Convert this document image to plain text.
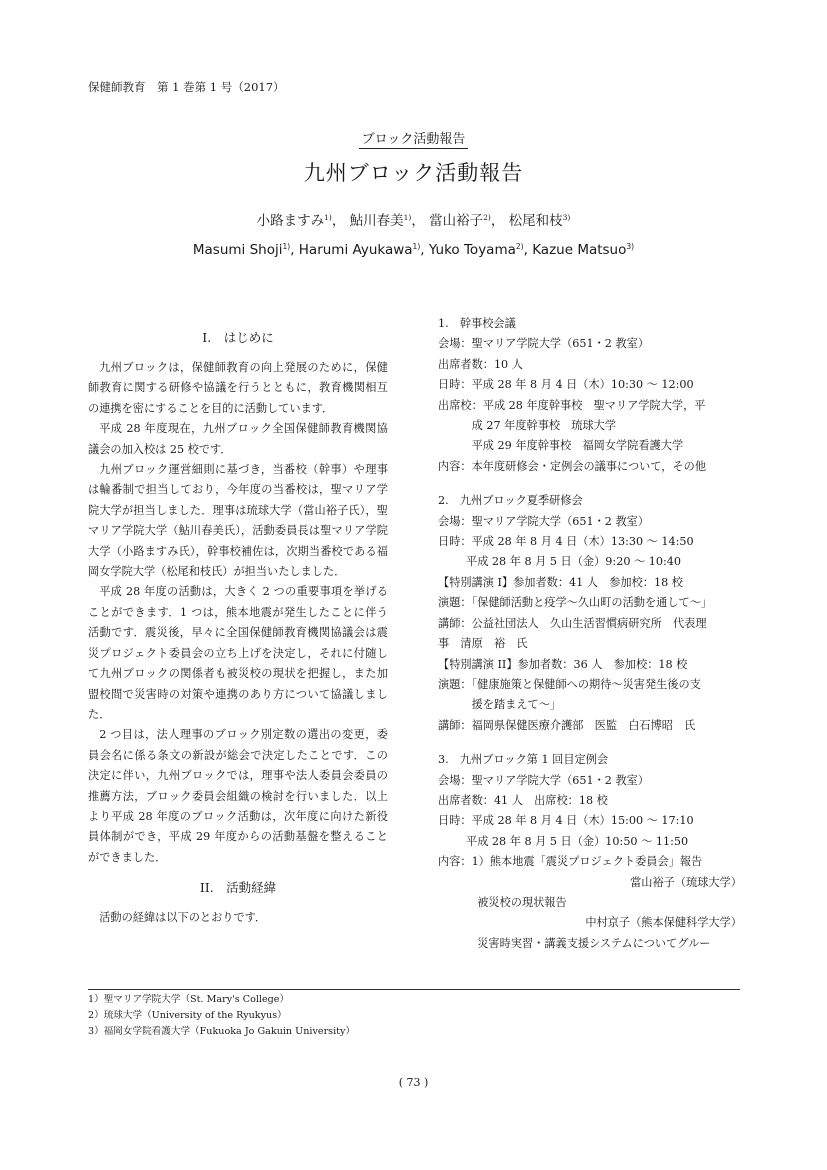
保健師教育　第 1 巻第 1 号（2017）
ブロック活動報告
九州ブロック活動報告
小路ますみ$^{1)}$， 鮎川春美$^{1)}$， 當山裕子$^{2)}$， 松尾和枝$^{3)}$
Masumi Shoji$^{1)}$, Harumi Ayukawa$^{1)}$, Yuko Toyama$^{2)}$, Kazue Matsuo$^{3)}$
I.　はじめに

九州ブロックは，保健師教育の向上発展のために，保健師教育に関する研修や協議を行うとともに，教育機関相互の連携を密にすることを目的に活動しています．

平成 28 年度現在，九州ブロック全国保健師教育機関協議会の加入校は 25 校です．

九州ブロック運営細則に基づき，当番校（幹事）や理事は輪番制で担当しており，今年度の当番校は，聖マリア学院大学が担当しました．理事は琉球大学（當山裕子氏），聖マリア学院大学（鮎川春美氏），活動委員長は聖マリア学院大学（小路ますみ氏），幹事校補佐は，次期当番校である福岡女学院大学（松尾和枝氏）が担当いたしました．

平成 28 年度の活動は，大きく 2 つの重要事項を挙げることができます．1 つは，熊本地震が発生したことに伴う活動です．震災後，早々に全国保健師教育機関協議会は震災プロジェクト委員会の立ち上げを決定し，それに付随して九州ブロックの関係者も被災校の現状を把握し，また加盟校間で災害時の対策や連携のあり方について協議しました．

2 つ目は，法人理事のブロック別定数の選出の変更，委員会名に係る条文の新設が総会で決定したことです．この決定に伴い，九州ブロックでは，理事や法人委員会委員の推薦方法，ブロック委員会組織の検討を行いました．以上より平成 28 年度のブロック活動は，次年度に向けた新役員体制ができ，平成 29 年度からの活動基盤を整えることができました．

II.　活動経緯

活動の経緯は以下のとおりです．

1.　幹事校会議
会場：聖マリア学院大学（651・2 教室）
出席者数：10 人
日時：平成 28 年 8 月 4 日（木）10:30 ～ 12:00
出席校：平成 28 年度幹事校　聖マリア学院大学，平
成 27 年度幹事校　琉球大学
平成 29 年度幹事校　福岡女学院看護大学
内容：本年度研修会・定例会の議事について，その他
2.　九州ブロック夏季研修会
会場：聖マリア学院大学（651・2 教室）
日時：平成 28 年 8 月 4 日（木）13:30 ～ 14:50
平成 28 年 8 月 5 日（金）9:20 ～ 10:40
【特別講演 I】参加者数：41 人　参加校：18 校
演題：「保健師活動と疫学～久山町の活動を通して～」
講師：公益社団法人　久山生活習慣病研究所　代表理
事　清原　裕　氏
【特別講演 II】参加者数：36 人　参加校：18 校
演題：「健康施策と保健師への期待～災害発生後の支
援を踏まえて～」
講師：福岡県保健医療介護部　医監　白石博昭　氏
3.　九州ブロック第 1 回目定例会
会場：聖マリア学院大学（651・2 教室）
出席者数：41 人　出席校：18 校
日時：平成 28 年 8 月 4 日（木）15:00 ～ 17:10
平成 28 年 8 月 5 日（金）10:50 ～ 11:50
内容：1）熊本地震「震災プロジェクト委員会」報告
當山裕子（琉球大学）
被災校の現状報告
中村京子（熊本保健科学大学）
災害時実習・講義支援システムについてグルー
1）聖マリア学院大学（St. Mary's College）
2）琉球大学（University of the Ryukyus）
3）福岡女学院看護大学（Fukuoka Jo Gakuin University）
( 73 )
